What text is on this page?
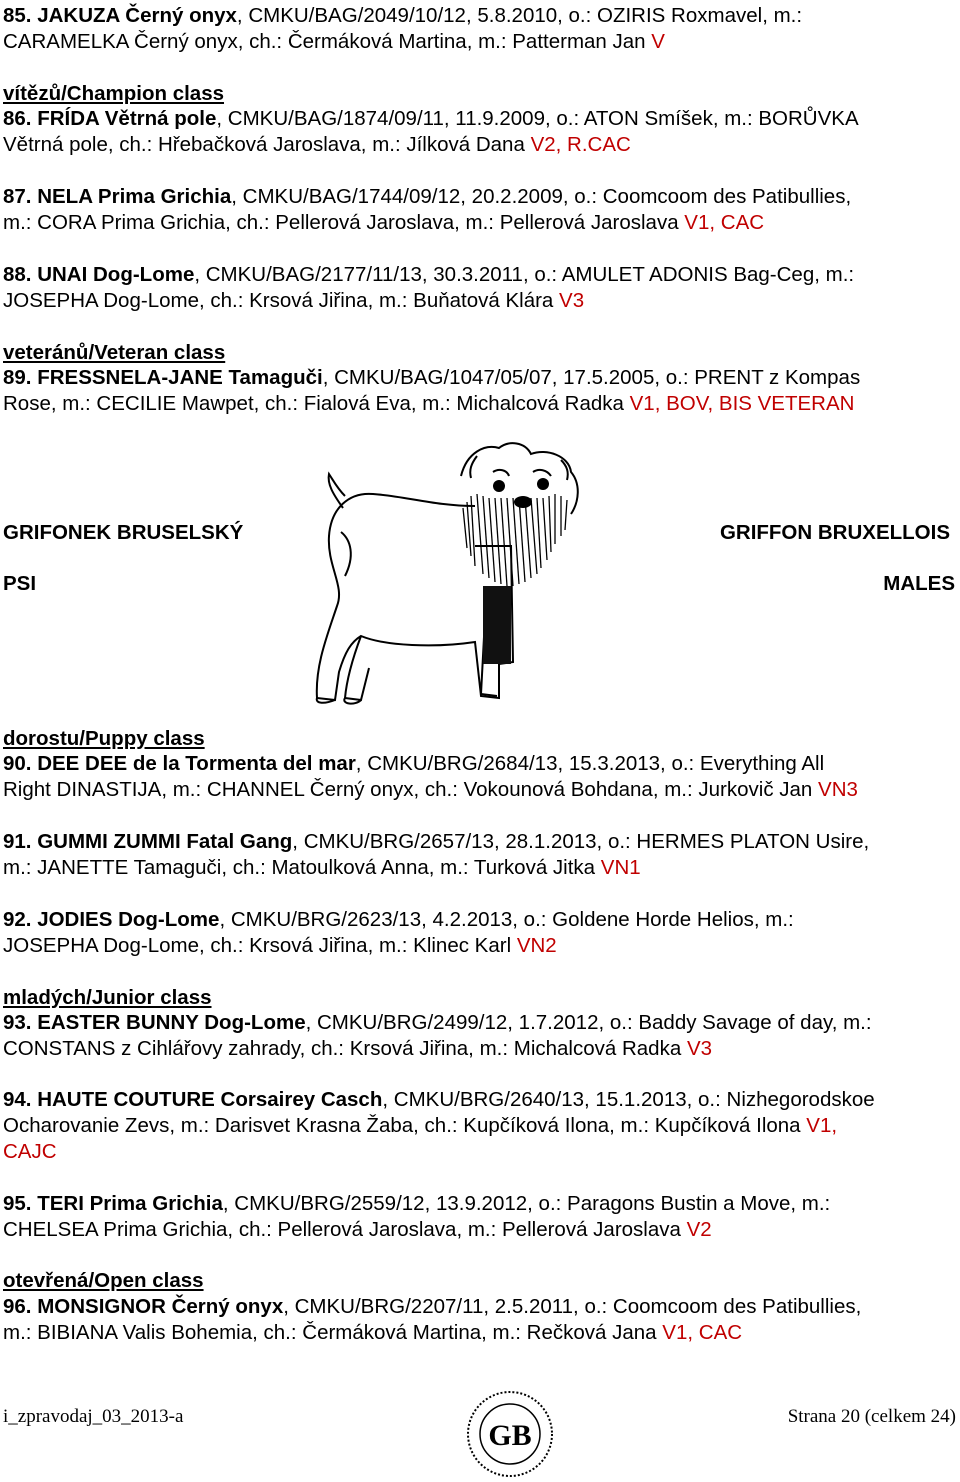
85. JAKUZA Černý onyx, CMKU/BAG/2049/10/12, 5.8.2010, o.: OZIRIS Roxmavel, m.:
CARAMELKA Černý onyx, ch.: Čermáková Martina, m.: Patterman Jan V
vítězů/Champion class
86. FRÍDA Větrná pole, CMKU/BAG/1874/09/11, 11.9.2009, o.: ATON Smíšek, m.: BORŮVKA
Větrná pole, ch.: Hřebačková Jaroslava, m.: Jílková Dana V2, R.CAC
87. NELA Prima Grichia, CMKU/BAG/1744/09/12, 20.2.2009, o.: Coomcoom des Patibullies,
m.: CORA Prima Grichia, ch.: Pellerová Jaroslava, m.: Pellerová Jaroslava V1, CAC
88. UNAI Dog-Lome, CMKU/BAG/2177/11/13, 30.3.2011, o.: AMULET ADONIS Bag-Ceg, m.:
JOSEPHA Dog-Lome, ch.: Krsová Jiřina, m.: Buňatová Klára V3
veteránů/Veteran class
89. FRESSNELA-JANE Tamaguči, CMKU/BAG/1047/05/07, 17.5.2005, o.: PRENT z Kompas
Rose, m.: CECILIE Mawpet, ch.: Fialová Eva, m.: Michalcová Radka V1, BOV, BIS VETERAN
GRIFONEK BRUSELSKÝ
PSI
GRIFFON BRUXELLOIS
MALES
dorostu/Puppy class
90. DEE DEE de la Tormenta del mar, CMKU/BRG/2684/13, 15.3.2013, o.: Everything All
Right DINASTIJA, m.: CHANNEL Černý onyx, ch.: Vokounová Bohdana, m.: Jurkovič Jan VN3
91. GUMMI ZUMMI Fatal Gang, CMKU/BRG/2657/13, 28.1.2013, o.: HERMES PLATON Usire,
m.: JANETTE Tamaguči, ch.: Matoulková Anna, m.: Turková Jitka VN1
92. JODIES Dog-Lome, CMKU/BRG/2623/13, 4.2.2013, o.: Goldene Horde Helios, m.:
JOSEPHA Dog-Lome, ch.: Krsová Jiřina, m.: Klinec Karl VN2
mladých/Junior class
93. EASTER BUNNY Dog-Lome, CMKU/BRG/2499/12, 1.7.2012, o.: Baddy Savage of day, m.:
CONSTANS z Cihlářovy zahrady, ch.: Krsová Jiřina, m.: Michalcová Radka V3
94. HAUTE COUTURE Corsairey Casch, CMKU/BRG/2640/13, 15.1.2013, o.: Nizhegorodskoe
Ocharovanie Zevs, m.: Darisvet Krasna Žaba, ch.: Kupčíková Ilona, m.: Kupčíková Ilona V1,
CAJC
95. TERI Prima Grichia, CMKU/BRG/2559/12, 13.9.2012, o.: Paragons Bustin a Move, m.:
CHELSEA Prima Grichia, ch.: Pellerová Jaroslava, m.: Pellerová Jaroslava V2
otevřená/Open class
96. MONSIGNOR Černý onyx, CMKU/BRG/2207/11, 2.5.2011, o.: Coomcoom des Patibullies,
m.: BIBIANA Valis Bohemia, ch.: Čermáková Martina, m.: Rečková Jana V1, CAC
i_zpravodaj_03_2013-a
GB
Strana 20 (celkem 24)
